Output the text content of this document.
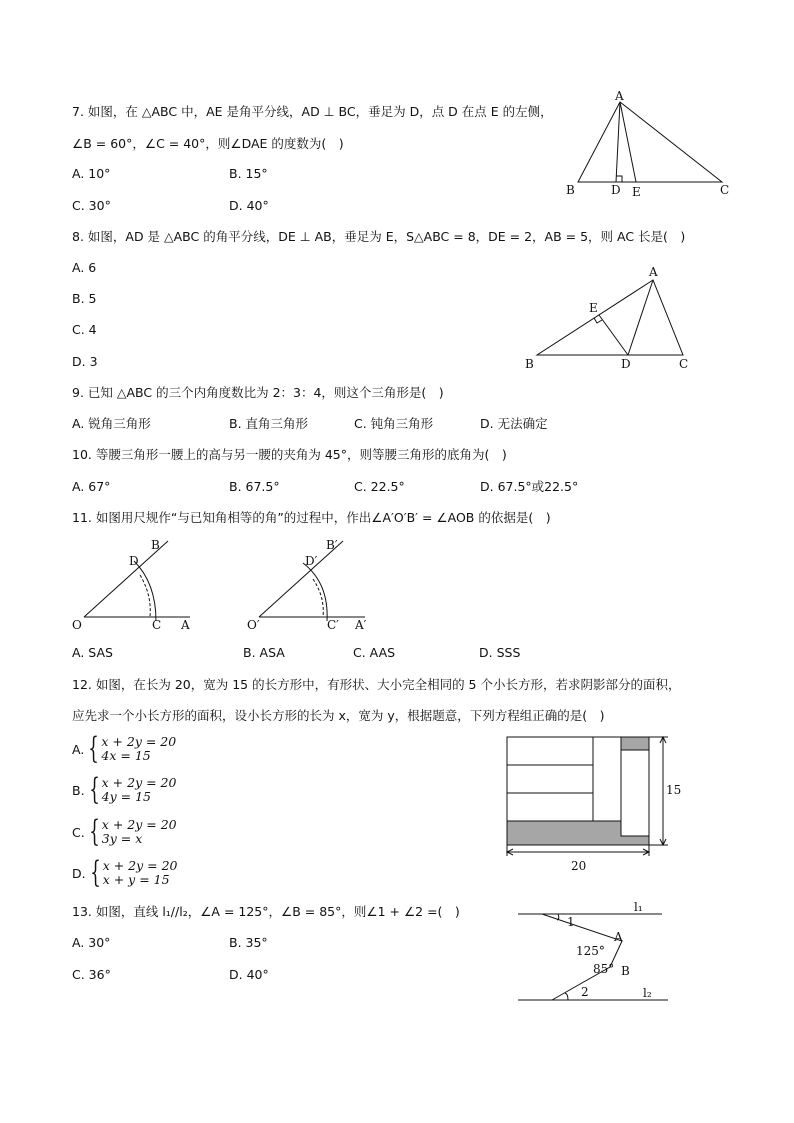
7. 如图，在 △ABC 中，AE 是角平分线，AD ⊥ BC，垂足为 D，点 D 在点 E 的左侧，
∠B = 60°，∠C = 40°，则∠DAE 的度数为(　)
A. 10°	B. 15°
C. 30°	D. 40°
A
B	D E	C
8. 如图，AD 是 △ABC 的角平分线，DE ⊥ AB，垂足为 E，S△ABC = 8，DE = 2，AB = 5，则 AC 长是(　)
A. 6
B. 5
C. 4
D. 3
A
E
B	D	C
9. 已知 △ABC 的三个内角度数比为 2：3：4，则这个三角形是(　)
A. 锐角三角形	B. 直角三角形	C. 钝角三角形	D. 无法确定
10. 等腰三角形一腰上的高与另一腰的夹角为 45°，则等腰三角形的底角为(　)
A. 67°	B. 67.5°	C. 22.5°	D. 67.5°或22.5°
11. 如图用尺规作“与已知角相等的角”的过程中，作出∠A′O′B′ = ∠AOB 的依据是(　)
B
D
O	C A
B′
D′
O′	C′ A′
A. SAS	B. ASA	C. AAS	D. SSS
12. 如图，在长为 20，宽为 15 的长方形中，有形状、大小完全相同的 5 个小长方形，若求阴影部分的面积，
应先求一个小长方形的面积，设小长方形的长为 x，宽为 y，根据题意，下列方程组正确的是(　)
A. { x + 2y = 20
4x = 15
B. { x + 2y = 20
4y = 15
C. { x + 2y = 20
3y = x
D. { x + 2y = 20
x + y = 15
20
15
13. 如图，直线 l₁//l₂，∠A = 125°，∠B = 85°，则∠1 + ∠2 =(　)
A. 30°	B. 35°
C. 36°	D. 40°
1
l₁
A
125°
85° B
2	l₂
